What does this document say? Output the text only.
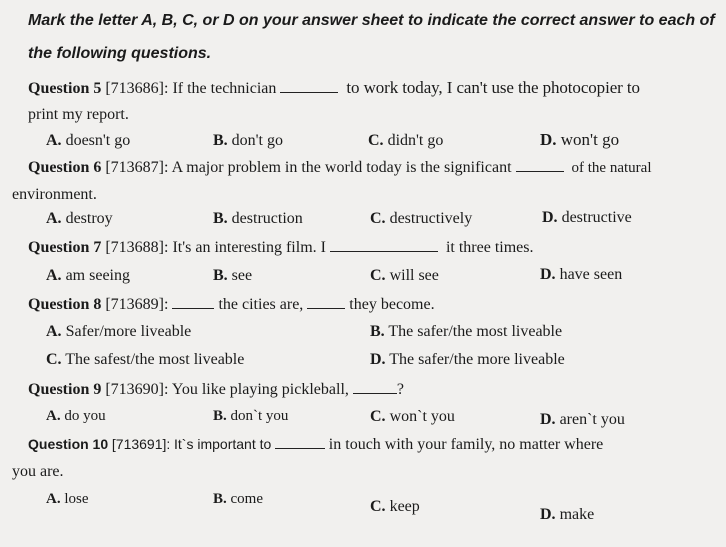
Mark the letter A, B, C, or D on your answer sheet to indicate the correct answer to each of
the following questions.
Question 5 [713686]: If the technician	to work today, I can't use the photocopier to
print my report.
A. doesn't go	B. don't go	C. didn't go	D. won't go
Question 6 [713687]: A major problem in the world today is the significant	of the natural
environment.
A. destroy	B. destruction	C. destructively	D. destructive
Question 7 [713688]: It's an interesting film. I	it three times.
A. am seeing	B. see	C. will see	D. have seen
Question 8 [713689]:	the cities are,	they become.
A. Safer/more liveable	B. The safer/the most liveable
C. The safest/the most liveable	D. The safer/the more liveable
Question 9 [713690]: You like playing pickleball,	?
A. do you	B. don`t you	C. won`t you	D. aren`t you
Question 10 [713691]: It`s important to	in touch with your family, no matter where
you are.
A. lose	B. come	C. keep	D. make
